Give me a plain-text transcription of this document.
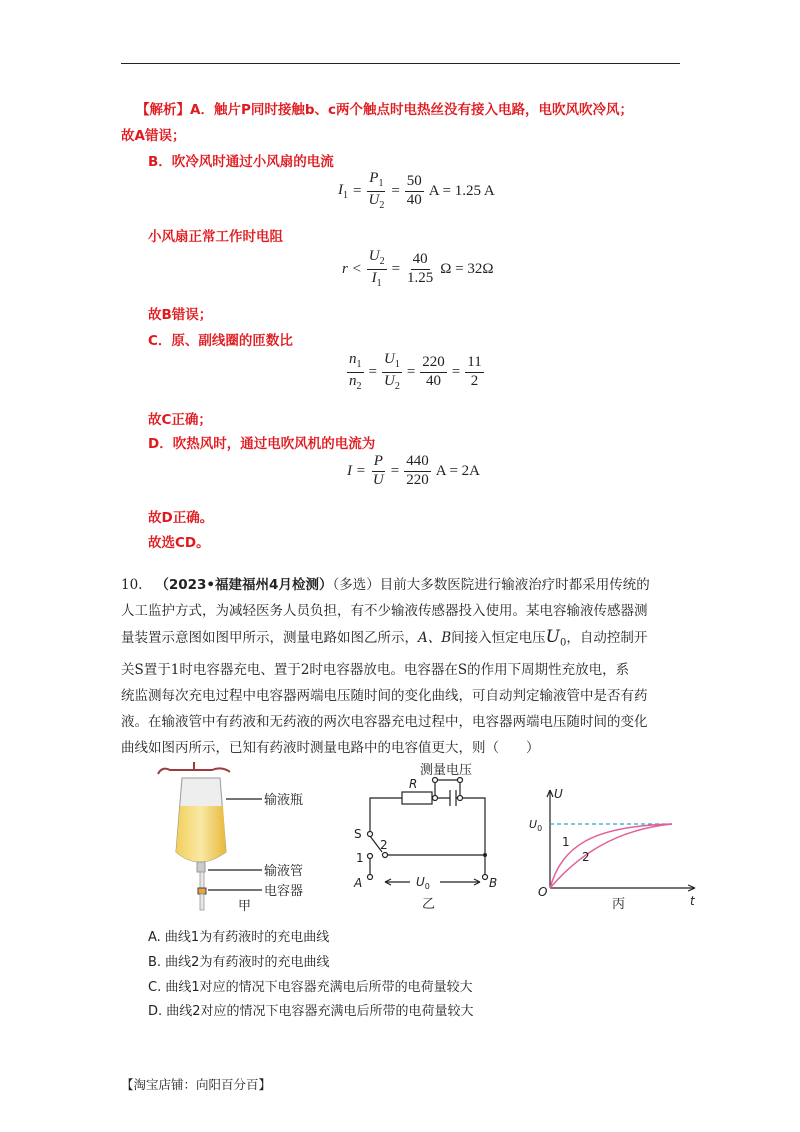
【解析】A．触片P同时接触b、c两个触点时电热丝没有接入电路，电吹风吹冷风；
故A错误；
B．吹冷风时通过小风扇的电流
$I_1 = \frac{P_1}{U_2} = \frac{50}{40}$ A = 1.25 A
小风扇正常工作时电阻
$r < \frac{U_2}{I_1} = \frac{40}{1.25}$ Ω = 32Ω
故B错误；
C．原、副线圈的匝数比
$\frac{n_1}{n_2} = \frac{U_1}{U_2} = \frac{220}{40} = \frac{11}{2}$
故C正确；
D．吹热风时，通过电吹风机的电流为
$I = \frac{P}{U} = \frac{440}{220}$ A = 2A
故D正确。
故选CD。
10. （2023•福建福州4月检测）（多选）目前大多数医院进行输液治疗时都采用传统的
人工监护方式，为减轻医务人员负担，有不少输液传感器投入使用。某电容输液传感器测
量装置示意图如图甲所示，测量电路如图乙所示，A、B间接入恒定电压$U_0$，自动控制开
关S置于1时电容器充电、置于2时电容器放电。电容器在S的作用下周期性充放电，系
统监测每次充电过程中电容器两端电压随时间的变化曲线，可自动判定输液管中是否有药
液。在输液管中有药液和无药液的两次电容器充电过程中，电容器两端电压随时间的变化
曲线如图丙所示，已知有药液时测量电路中的电容值更大，则（　　）
输液瓶
输液管
电容器
甲
测量电压
R
S
1
2
A	B
$U_0$
乙
U
$U_0$
O
t
1
2
丙
A. 曲线1为有药液时的充电曲线
B. 曲线2为有药液时的充电曲线
C. 曲线1对应的情况下电容器充满电后所带的电荷量较大
D. 曲线2对应的情况下电容器充满电后所带的电荷量较大
【淘宝店铺：向阳百分百】
